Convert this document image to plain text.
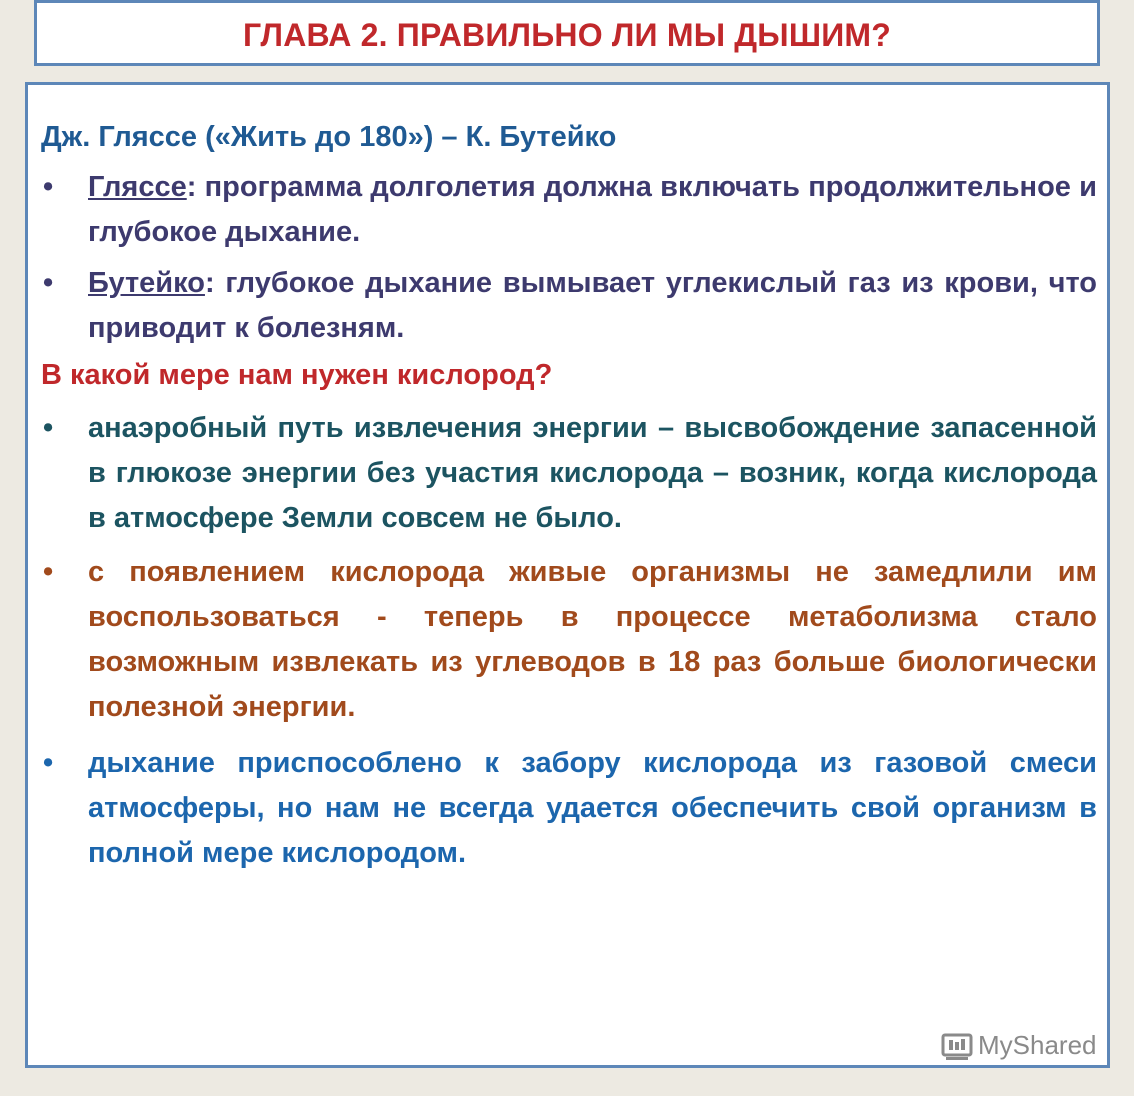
ГЛАВА 2. ПРАВИЛЬНО ЛИ МЫ ДЫШИМ?

Дж. Гляссе («Жить до 180») – К. Бутейко

• Гляссе: программа долголетия должна включать продолжительное и глубокое дыхание.
• Бутейко: глубокое дыхание вымывает углекислый газ из крови, что приводит к болезням.

В какой мере нам нужен кислород?

• анаэробный путь извлечения энергии – высвобождение запасенной в глюкозе энергии без участия кислорода – возник, когда кислорода в атмосфере Земли совсем не было.
• с появлением кислорода живые организмы не замедлили им воспользоваться - теперь в процессе метаболизма стало возможным извлекать из углеводов в 18 раз больше биологически полезной энергии.
• дыхание приспособлено к забору кислорода из газовой смеси атмосферы, но нам не всегда удается обеспечить свой организм в полной мере кислородом.
MyShared
